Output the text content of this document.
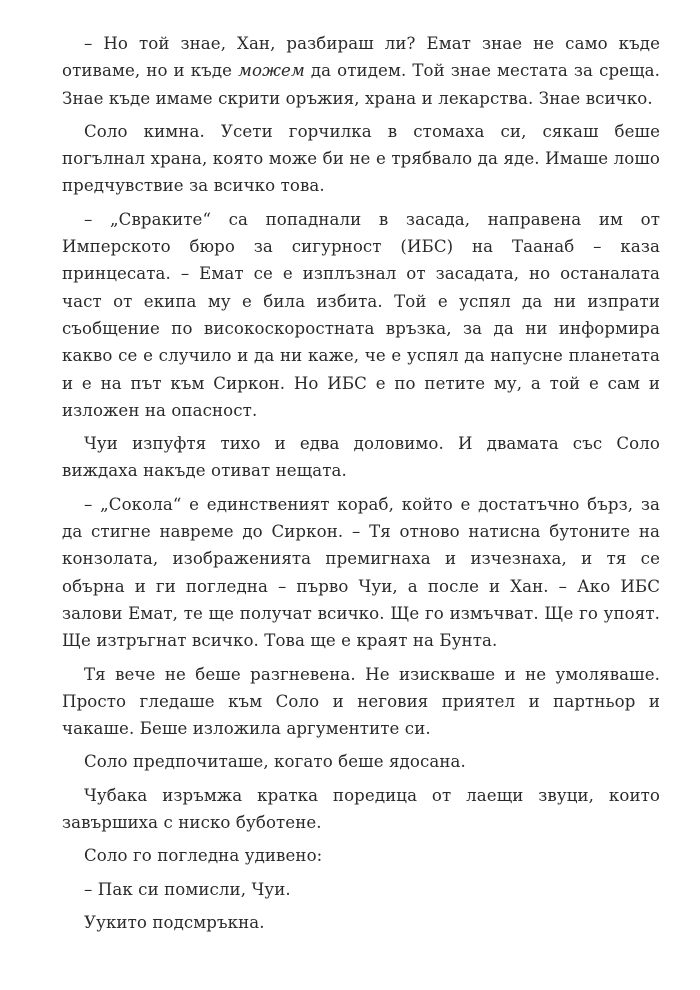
– Но той знае, Хан, разбираш ли? Емат знае не само къде отиваме, но и къде можем да отидем. Той знае местата за среща. Знае къде имаме скрити оръжия, храна и лекарства. Знае всичко.

Соло кимна. Усети горчилка в стомаха си, сякаш беше погълнал храна, която може би не е трябвало да яде. Имаше лошо предчувствие за всичко това.

– „Свраките“ са попаднали в засада, направена им от Имперското бюро за сигурност (ИБС) на Таанаб – каза принцесата. – Емат се е изплъзнал от засадата, но останалата част от екипа му е била избита. Той е успял да ни изпрати съобщение по високоскоростната връзка, за да ни информира какво се е случило и да ни каже, че е успял да напусне планетата и е на път към Сиркон. Но ИБС е по петите му, а той е сам и изложен на опасност.

Чуи изпуфтя тихо и едва доловимо. И двамата със Соло виждаха накъде отиват нещата.

– „Сокола“ е единственият кораб, който е достатъчно бърз, за да стигне навреме до Сиркон. – Тя отново натисна бутоните на конзолата, изображенията премигнаха и изчезнаха, и тя се обърна и ги погледна – първо Чуи, а после и Хан. – Ако ИБС залови Емат, те ще получат всичко. Ще го измъчват. Ще го упоят. Ще изтръгнат всичко. Това ще е краят на Бунта.

Тя вече не беше разгневена. Не изискваше и не умоляваше. Просто гледаше към Соло и неговия приятел и партньор и чакаше. Беше изложила аргументите си.

Соло предпочиташе, когато беше ядосана.

Чубака изръмжа кратка поредица от лаещи звуци, които завършиха с ниско буботене.

Соло го погледна удивено:

– Пак си помисли, Чуи.

Уукито подсмръкна.
